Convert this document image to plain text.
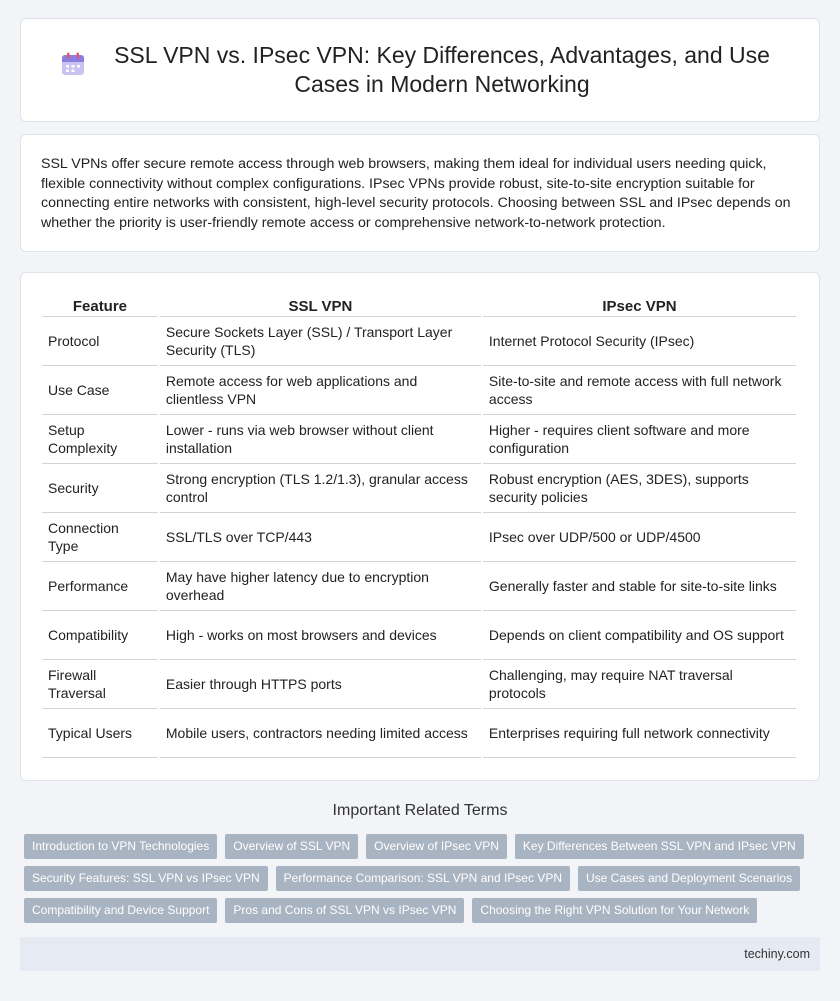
SSL VPN vs. IPsec VPN: Key Differences, Advantages, and Use Cases in Modern Networking

SSL VPNs offer secure remote access through web browsers, making them ideal for individual users needing quick, flexible connectivity without complex configurations. IPsec VPNs provide robust, site-to-site encryption suitable for connecting entire networks with consistent, high-level security protocols. Choosing between SSL and IPsec depends on whether the priority is user-friendly remote access or comprehensive network-to-network protection.

Feature	SSL VPN	IPsec VPN
Protocol	Secure Sockets Layer (SSL) / Transport Layer Security (TLS)	Internet Protocol Security (IPsec)
Use Case	Remote access for web applications and clientless VPN	Site-to-site and remote access with full network access
Setup Complexity	Lower - runs via web browser without client installation	Higher - requires client software and more configuration
Security	Strong encryption (TLS 1.2/1.3), granular access control	Robust encryption (AES, 3DES), supports security policies
Connection Type	SSL/TLS over TCP/443	IPsec over UDP/500 or UDP/4500
Performance	May have higher latency due to encryption overhead	Generally faster and stable for site-to-site links
Compatibility	High - works on most browsers and devices	Depends on client compatibility and OS support
Firewall Traversal	Easier through HTTPS ports	Challenging, may require NAT traversal protocols
Typical Users	Mobile users, contractors needing limited access	Enterprises requiring full network connectivity
Important Related Terms
Introduction to VPN Technologies	Overview of SSL VPN	Overview of IPsec VPN	Key Differences Between SSL VPN and IPsec VPN
Security Features: SSL VPN vs IPsec VPN	Performance Comparison: SSL VPN and IPsec VPN	Use Cases and Deployment Scenarios
Compatibility and Device Support	Pros and Cons of SSL VPN vs IPsec VPN	Choosing the Right VPN Solution for Your Network
techiny.com
